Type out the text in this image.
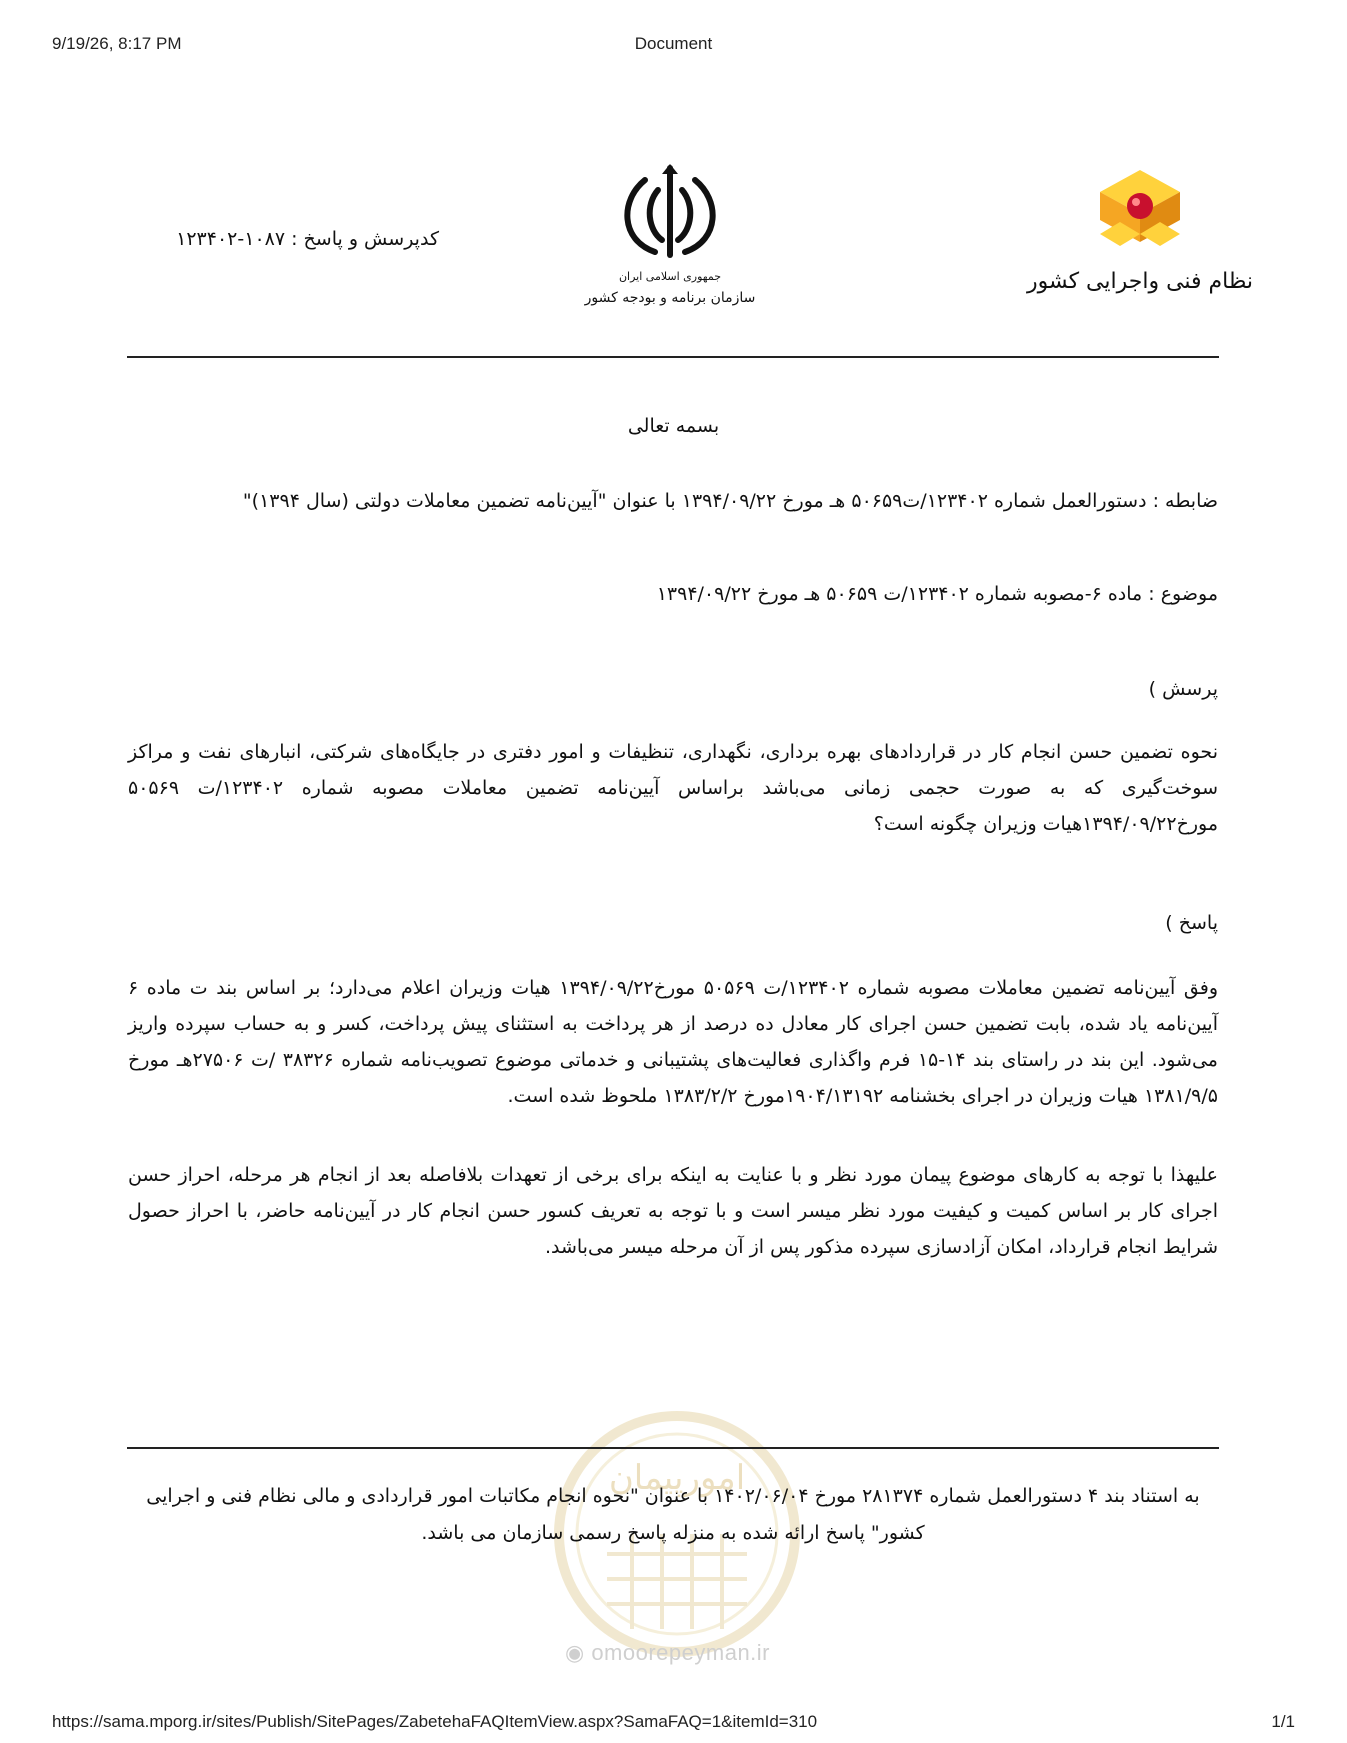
9/19/26, 8:17 PM	Document
جمهوری اسلامی ایران
سازمان برنامه و بودجه کشور
نظام فنی واجرایی کشور
کدپرسش و پاسخ : ۱۰۸۷-۱۲۳۴۰۲
بسمه تعالی
ضابطه : دستورالعمل شماره ۱۲۳۴۰۲/ت۵۰۶۵۹ هـ مورخ ۱۳۹۴/۰۹/۲۲ با عنوان "آیین‌نامه تضمین معاملات دولتی (سال ۱۳۹۴)"
موضوع : ماده ۶-مصوبه شماره ۱۲۳۴۰۲/ت ۵۰۶۵۹ هـ مورخ ۱۳۹۴/۰۹/۲۲
پرسش )
نحوه تضمین حسن انجام کار در قراردادهای بهره برداری، نگهداری، تنظیفات و امور دفتری در جایگاه‌های شرکتی، انبارهای نفت و مراکز سوخت‌گیری که به صورت حجمی زمانی می‌باشد براساس آیین‌نامه تضمین معاملات مصوبه شماره ۱۲۳۴۰۲/ت ۵۰۵۶۹ مورخ۱۳۹۴/۰۹/۲۲هیات وزیران چگونه است؟
پاسخ )
وفق آیین‌نامه تضمین معاملات مصوبه شماره ۱۲۳۴۰۲/ت ۵۰۵۶۹ مورخ۱۳۹۴/۰۹/۲۲ هیات وزیران اعلام می‌دارد؛ بر اساس بند ت ماده ۶ آیین‌نامه یاد شده، بابت تضمین حسن اجرای کار معادل ده درصد از هر پرداخت به استثنای پیش پرداخت، کسر و به حساب سپرده واریز می‌شود. این بند در راستای بند ۱۴-۱۵ فرم واگذاری فعالیت‌های پشتیبانی و خدماتی موضوع تصویب‌نامه شماره ۳۸۳۲۶ /ت ۲۷۵۰۶هـ مورخ ۱۳۸۱/۹/۵ هیات وزیران در اجرای بخشنامه ۱۹۰۴/۱۳۱۹۲مورخ ۱۳۸۳/۲/۲ ملحوظ شده است.
علیهذا با توجه به کارهای موضوع پیمان مورد نظر و با عنایت به اینکه برای برخی از تعهدات بلافاصله بعد از انجام هر مرحله، احراز حسن اجرای کار بر اساس کمیت و کیفیت مورد نظر میسر است و با توجه به تعریف کسور حسن انجام کار در آیین‌نامه حاضر، با احراز حصول شرایط انجام قرارداد، امکان آزادسازی سپرده مذکور پس از آن مرحله میسر می‌باشد.
امورپیمان
◉ omoorepeyman.ir
به استناد بند ۴ دستورالعمل شماره ۲۸۱۳۷۴ مورخ ۱۴۰۲/۰۶/۰۴ با عنوان "نحوه انجام مکاتبات امور قراردادی و مالی نظام فنی و اجرایی کشور" پاسخ ارائه شده به منزله پاسخ رسمی سازمان می باشد.
https://sama.mporg.ir/sites/Publish/SitePages/ZabetehaFAQItemView.aspx?SamaFAQ=1&itemId=310	1/1
